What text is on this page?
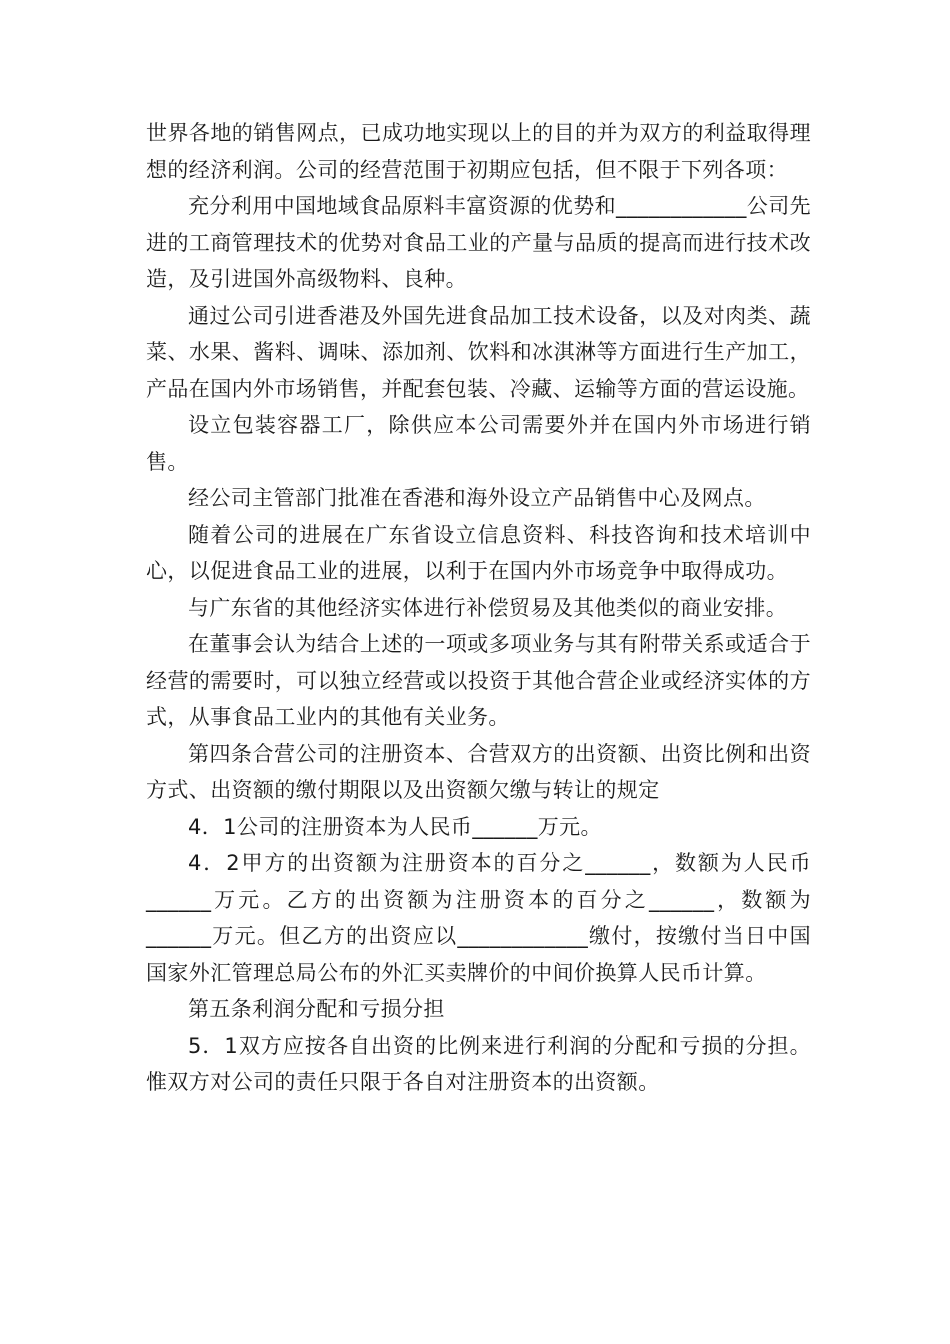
世界各地的销售网点，已成功地实现以上的目的并为双方的利益取得理想的经济利润。公司的经营范围于初期应包括，但不限于下列各项：

充分利用中国地域食品原料丰富资源的优势和____________公司先进的工商管理技术的优势对食品工业的产量与品质的提高而进行技术改造，及引进国外高级物料、良种。

通过公司引进香港及外国先进食品加工技术设备，以及对肉类、蔬菜、水果、酱料、调味、添加剂、饮料和冰淇淋等方面进行生产加工，产品在国内外市场销售，并配套包装、冷藏、运输等方面的营运设施。

设立包装容器工厂，除供应本公司需要外并在国内外市场进行销售。

经公司主管部门批准在香港和海外设立产品销售中心及网点。

随着公司的进展在广东省设立信息资料、科技咨询和技术培训中心，以促进食品工业的进展，以利于在国内外市场竞争中取得成功。

与广东省的其他经济实体进行补偿贸易及其他类似的商业安排。

在董事会认为结合上述的一项或多项业务与其有附带关系或适合于经营的需要时，可以独立经营或以投资于其他合营企业或经济实体的方式，从事食品工业内的其他有关业务。

第四条合营公司的注册资本、合营双方的出资额、出资比例和出资方式、出资额的缴付期限以及出资额欠缴与转让的规定

4．1公司的注册资本为人民币______万元。

4．2甲方的出资额为注册资本的百分之______，数额为人民币______万元。乙方的出资额为注册资本的百分之______，数额为______万元。但乙方的出资应以____________缴付，按缴付当日中国国家外汇管理总局公布的外汇买卖牌价的中间价换算人民币计算。

第五条利润分配和亏损分担

5．1双方应按各自出资的比例来进行利润的分配和亏损的分担。惟双方对公司的责任只限于各自对注册资本的出资额。
